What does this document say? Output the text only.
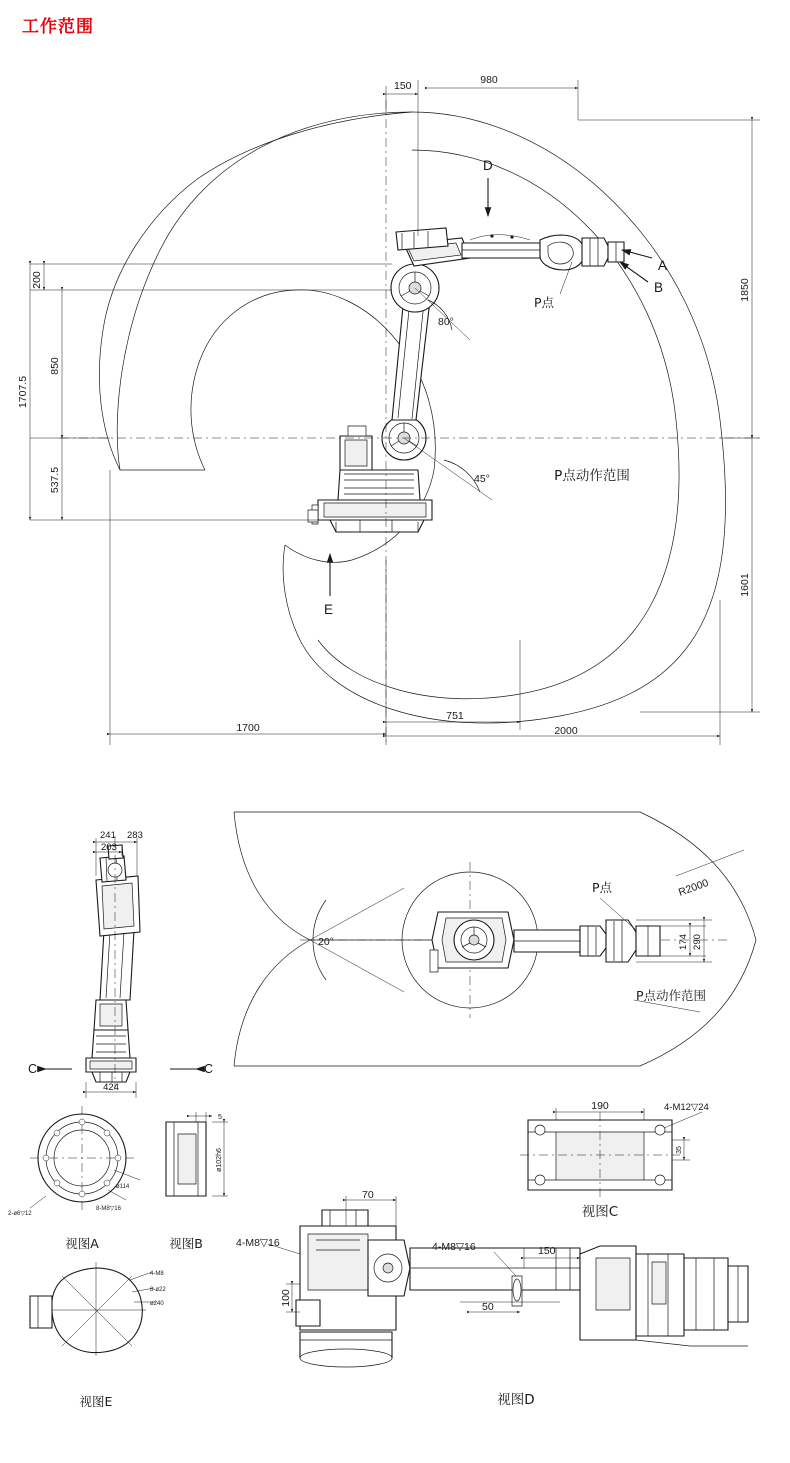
工作范围
150	980
1850
1601
200
850
1707.5
537.5
1700
751
2000
D
E
A
B
P点
P点动作范围
80°
45°
241 283
203
424
C	C
20°
R2000
P点
174 290
P点动作范围
2-ø6▽12
8-M8▽16
ø114
视图A
5
ø102h6
视图B
4-M8
8-ø22
ø240
视图E
190	4-M12▽24
35
视图C
70
4-M8▽16	4-M8▽16	150
100
50
视图D
